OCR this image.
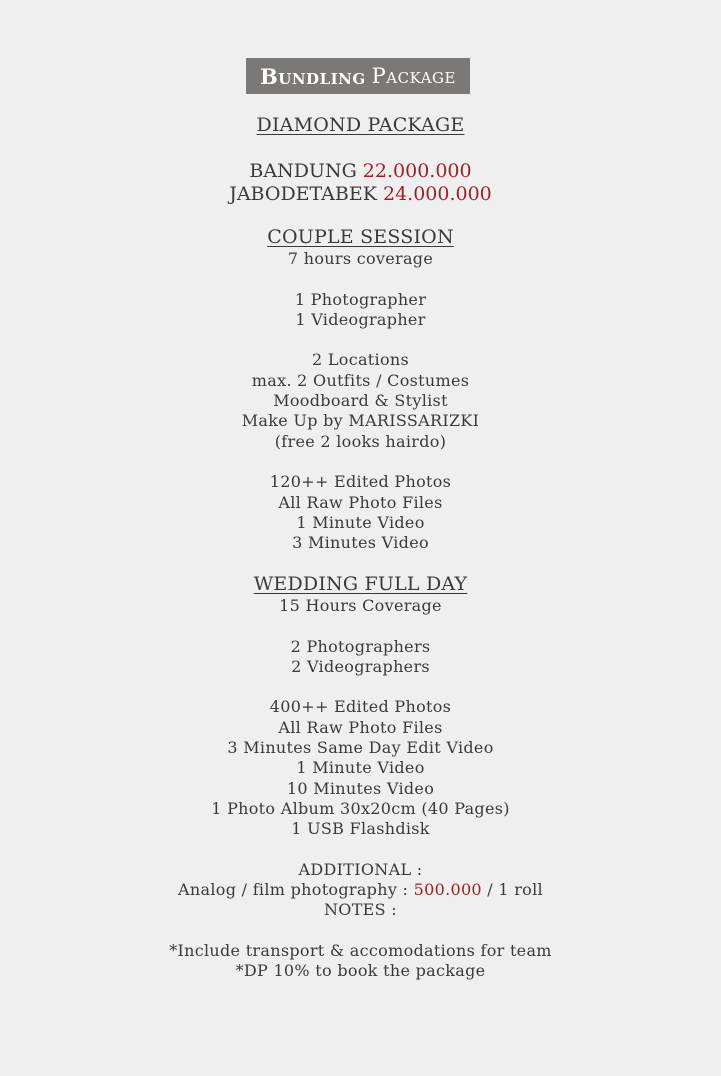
Bundling Package
DIAMOND PACKAGE
BANDUNG 22.000.000
JABODETABEK 24.000.000
COUPLE SESSION
7 hours coverage
1 Photographer
1 Videographer
2 Locations
max. 2 Outfits / Costumes
Moodboard & Stylist
Make Up by MARISSARIZKI
(free 2 looks hairdo)
120++ Edited Photos
All Raw Photo Files
1 Minute Video
3 Minutes Video
WEDDING FULL DAY
15 Hours Coverage
2 Photographers
2 Videographers
400++ Edited Photos
All Raw Photo Files
3 Minutes Same Day Edit Video
1 Minute Video
10 Minutes Video
1 Photo Album 30x20cm (40 Pages)
1 USB Flashdisk
ADDITIONAL :
Analog / film photography : 500.000 / 1 roll
NOTES :
*Include transport & accomodations for team
*DP 10% to book the package
